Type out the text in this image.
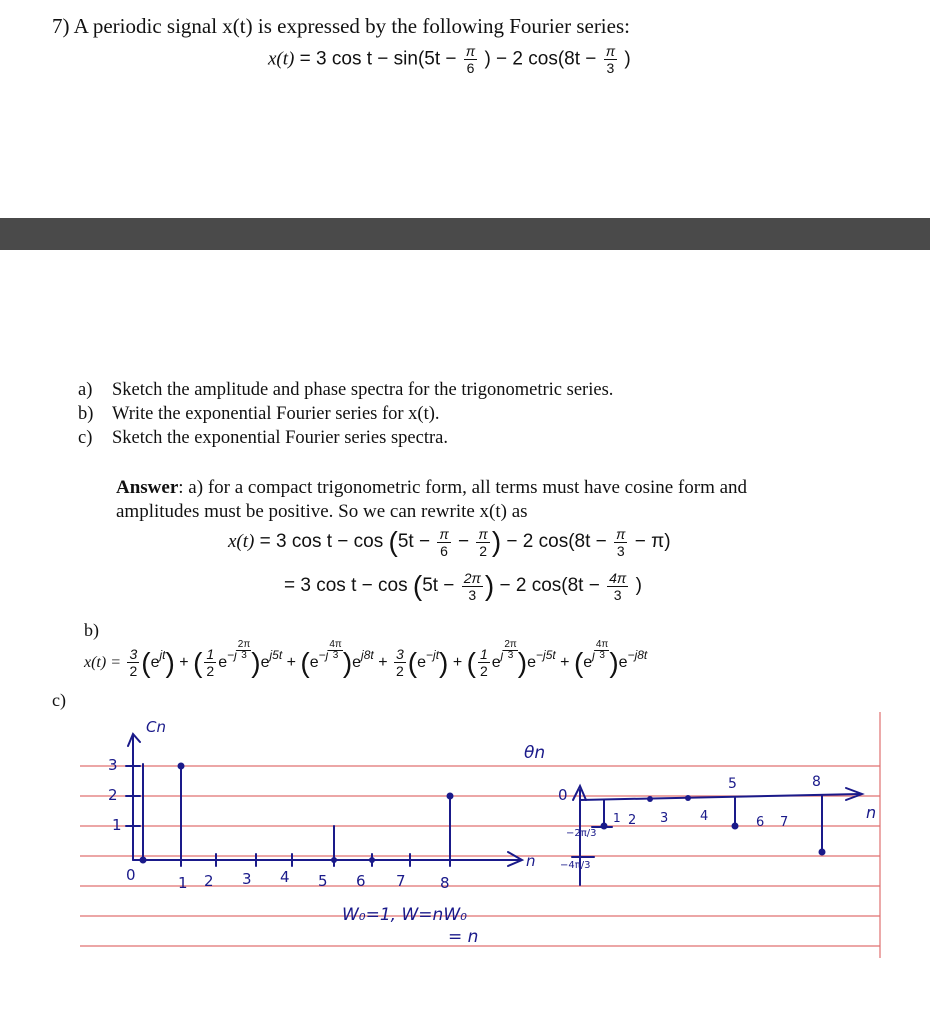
7) A periodic signal x(t) is expressed by the following Fourier series:
x(t) = 3 $\cos t - \sin(5t - \frac{\pi}{6}$ ) − 2 $\cos(8t - \frac{\pi}{3}$ )
a) Sketch the amplitude and phase spectra for the trigonometric series.
b) Write the exponential Fourier series for x(t).
c) Sketch the exponential Fourier series spectra.
Answer: a) for a compact trigonometric form, all terms must have cosine form and
amplitudes must be positive. So we can rewrite x(t) as
x(t) = 3 $\cos t - \cos (5t - \frac{\pi}{6} - \frac{\pi}{2}$ ) − 2 $\cos(8t - \frac{\pi}{3} - \pi)$
= 3 $\cos t - \cos (5t - \frac{2\pi}{3}$ ) − 2 $\cos(8t - \frac{4\pi}{3}$ )
b)
$x(t) = \frac{3}{2} (e^{jt})$ + ( $\frac{1}{2} e^{-j} \frac{2\pi}{3} )e^{j5t} + (e^{-j} \frac{4\pi}{3} )e^{j8t} + \frac{3}{2} (e^{-jt})$ + ( $\frac{1}{2} e^j \frac{2\pi}{3} )e^{-j5t} + (e^j \frac{4\pi}{3} )e^{-j8t}$
c)
Cn
3
2
1
0	1 2 3 4 5 6 7 8
n
W₀=1, W=nW₀
= n
θn
0
1 2 3 4
5	8
6 7
n
−2π/3
−4π/3
